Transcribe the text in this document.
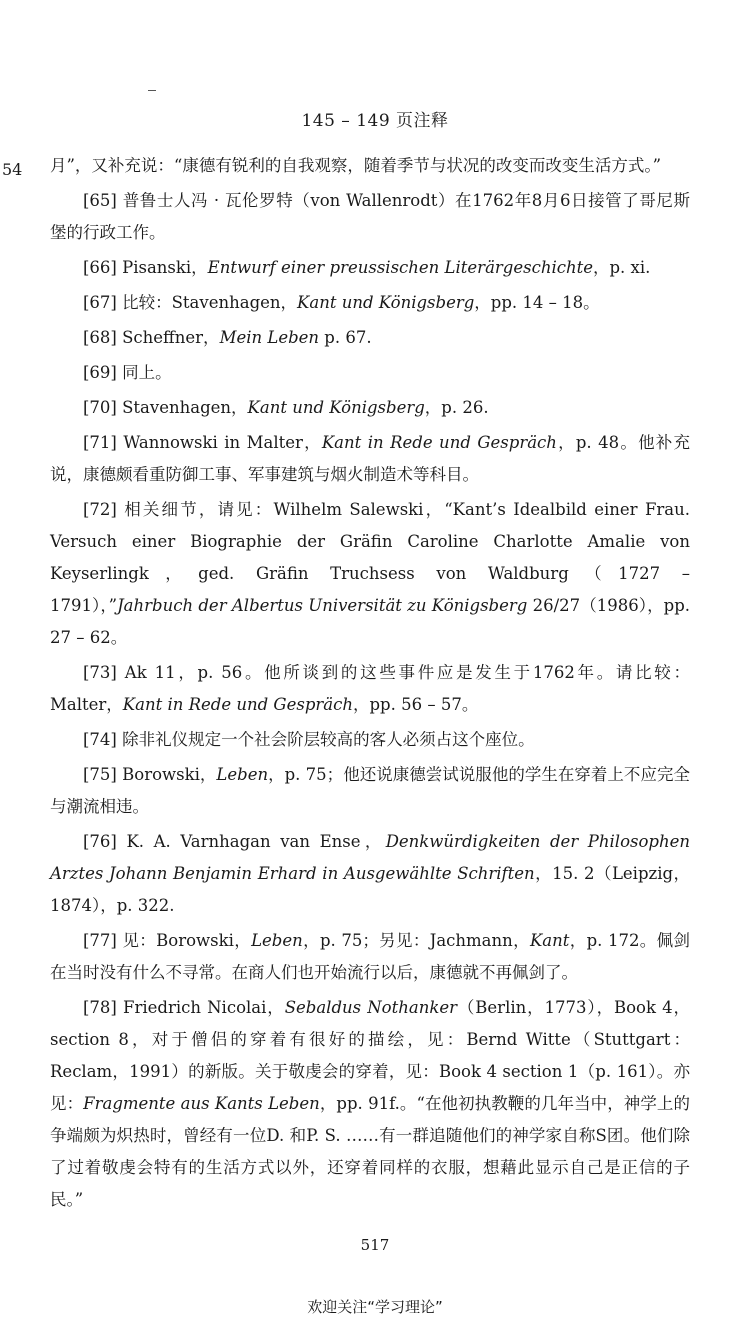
145 – 149 页注释
54 月”，又补充说：“康德有锐利的自我观察，随着季节与状况的改变而改变生活方式。”

[65] 普鲁士人冯 · 瓦伦罗特（von Wallenrodt）在1762年8月6日接管了哥尼斯堡的行政工作。

[66] Pisanski，Entwurf einer preussischen Literärgeschichte，p. xi.

[67] 比较：Stavenhagen，Kant und Königsberg，pp. 14 – 18。

[68] Scheffner，Mein Leben p. 67.

[69] 同上。

[70] Stavenhagen，Kant und Königsberg，p. 26.

[71] Wannowski in Malter，Kant in Rede und Gespräch，p. 48。他补充说，康德颇看重防御工事、军事建筑与烟火制造术等科目。

[72] 相关细节，请见：Wilhelm Salewski，“Kant’s Idealbild einer Frau. Versuch einer Biographie der Gräfin Caroline Charlotte Amalie von Keyserlingk，ged. Gräfin Truchsess von Waldburg（1727 – 1791），”Jahrbuch der Albertus Universität zu Königsberg 26/27（1986），pp. 27 – 62。

[73] Ak 11，p. 56。他所谈到的这些事件应是发生于1762年。请比较：Malter，Kant in Rede und Gespräch，pp. 56 – 57。

[74] 除非礼仪规定一个社会阶层较高的客人必须占这个座位。

[75] Borowski，Leben，p. 75；他还说康德尝试说服他的学生在穿着上不应完全与潮流相违。

[76] K. A. Varnhagan van Ense，Denkwürdigkeiten der Philosophen Arztes Johann Benjamin Erhard in Ausgewählte Schriften，15. 2（Leipzig，1874），p. 322.

[77] 见：Borowski，Leben，p. 75；另见：Jachmann，Kant，p. 172。佩剑在当时没有什么不寻常。在商人们也开始流行以后，康德就不再佩剑了。

[78] Friedrich Nicolai，Sebaldus Nothanker（Berlin，1773），Book 4，section 8，对于僧侣的穿着有很好的描绘，见：Bernd Witte（Stuttgart：Reclam，1991）的新版。关于敬虔会的穿着，见：Book 4 section 1（p. 161）。亦见：Fragmente aus Kants Leben，pp. 91f.。“在他初执教鞭的几年当中，神学上的争端颇为炽热时，曾经有一位D. 和P. S. ……有一群追随他们的神学家自称S团。他们除了过着敬虔会特有的生活方式以外，还穿着同样的衣服，想藉此显示自己是正信的子民。”

517
欢迎关注“学习理论”
